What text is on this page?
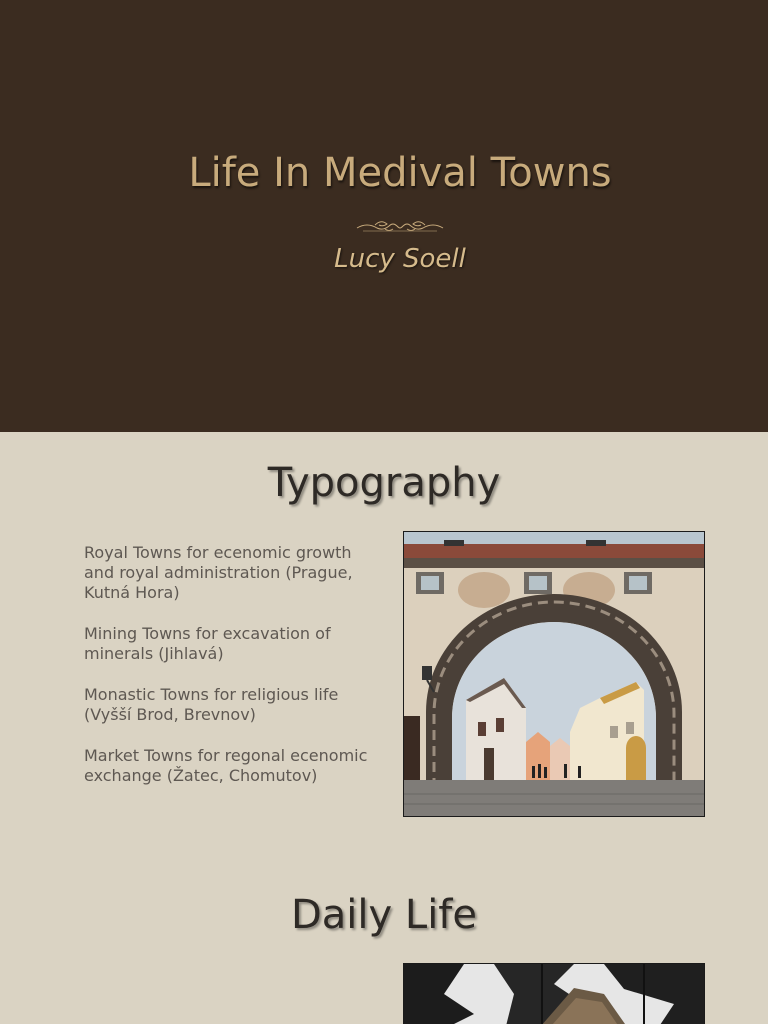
Life In Medival Towns
Lucy Soell
Typography

Royal Towns for ecenomic growth and royal administration (Prague, Kutná Hora)

Mining Towns for excavation of minerals (Jihlavá)

Monastic Towns for religious life (Vyšší Brod, Brevnov)

Market Towns for regonal ecenomic exchange (Žatec, Chomutov)

Daily Life
